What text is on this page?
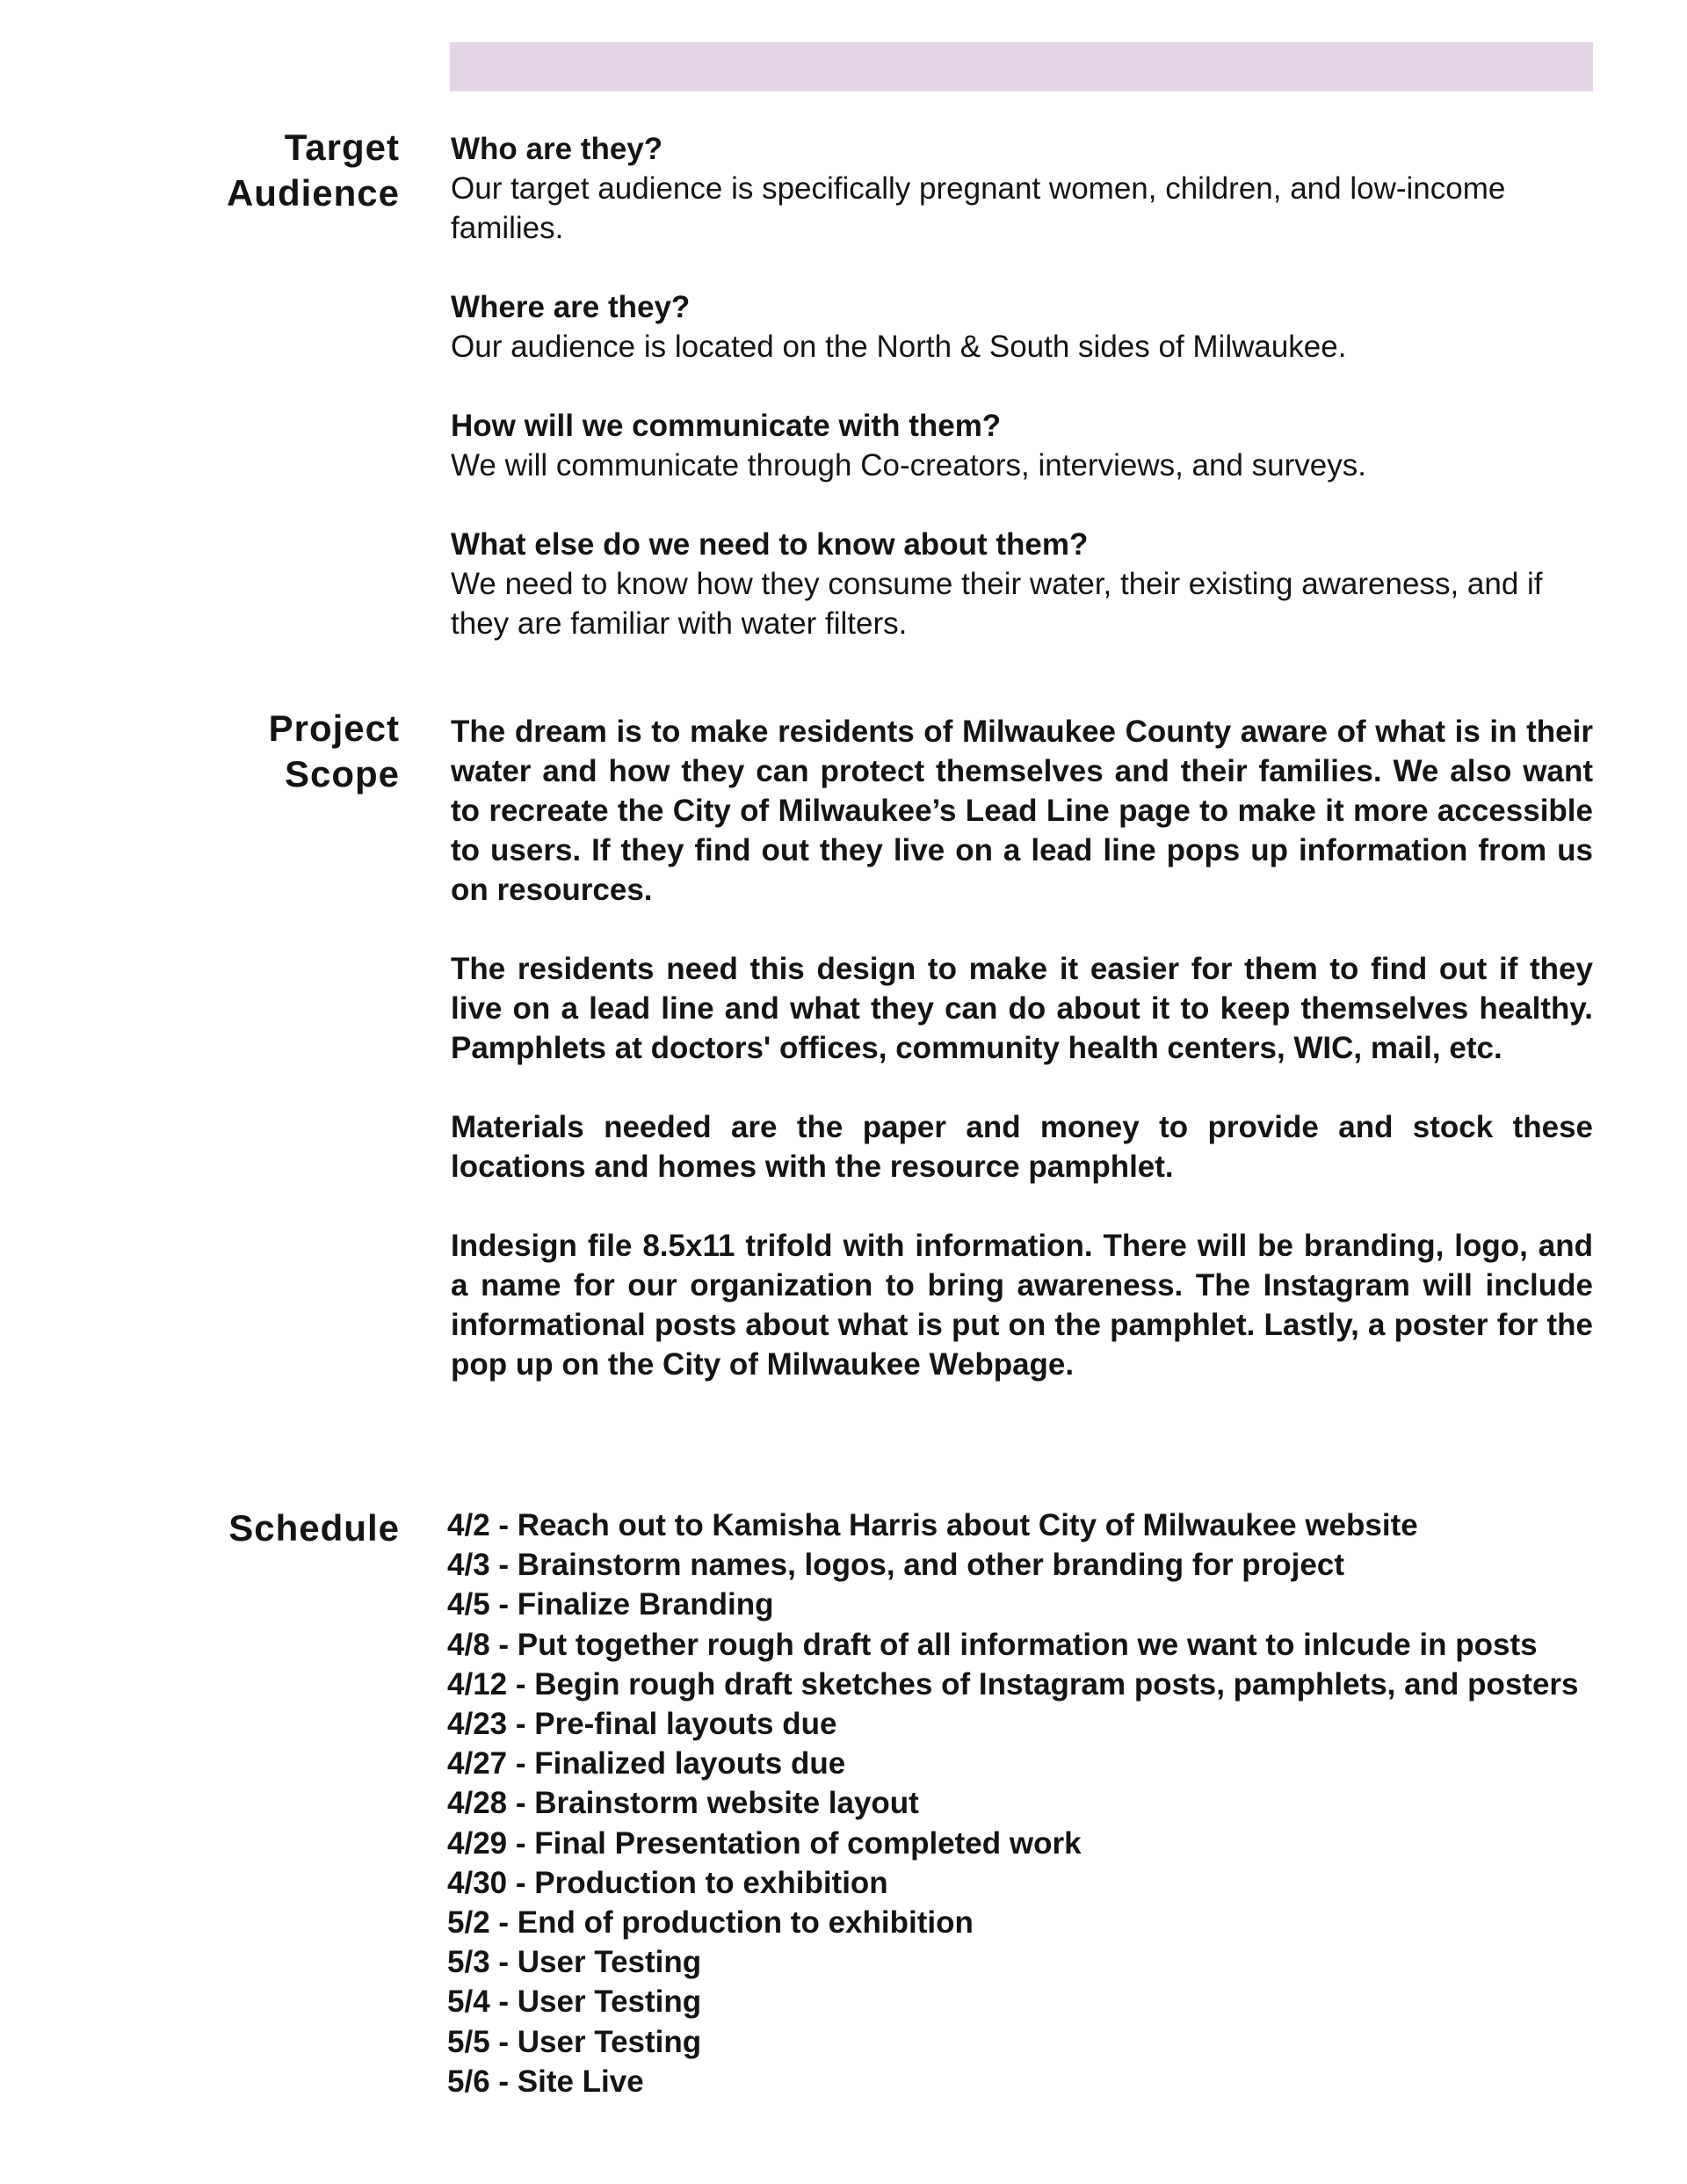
Target
Audience
Who are they?
Our target audience is specifically pregnant women, children, and low-income families.
Where are they?
Our audience is located on the North & South sides of Milwaukee.
How will we communicate with them?
We will communicate through Co-creators, interviews, and surveys.
What else do we need to know about them?
We need to know how they consume their water, their existing awareness, and if they are familiar with water filters.
Project
Scope

The dream is to make residents of Milwaukee County aware of what is in their water and how they can protect themselves and their families. We also want to recreate the City of Milwaukee’s Lead Line page to make it more accessible to users. If they find out they live on a lead line pops up information from us on resources.

The residents need this design to make it easier for them to find out if they live on a lead line and what they can do about it to keep themselves healthy. Pamphlets at doctors' offices, community health centers, WIC, mail, etc.

Materials needed are the paper and money to provide and stock these locations and homes with the resource pamphlet.

Indesign file 8.5x11 trifold with information. There will be branding, logo, and a name for our organization to bring awareness. The Instagram will include informational posts about what is put on the pamphlet. Lastly, a poster for the pop up on the City of Milwaukee Webpage.

Schedule 4/2 - Reach out to Kamisha Harris about City of Milwaukee website
4/3 - Brainstorm names, logos, and other branding for project
4/5 - Finalize Branding
4/8 - Put together rough draft of all information we want to inlcude in posts
4/12 - Begin rough draft sketches of Instagram posts, pamphlets, and posters
4/23 - Pre-final layouts due
4/27 - Finalized layouts due
4/28 - Brainstorm website layout
4/29 - Final Presentation of completed work
4/30 - Production to exhibition
5/2 - End of production to exhibition
5/3 - User Testing
5/4 - User Testing
5/5 - User Testing
5/6 - Site Live
